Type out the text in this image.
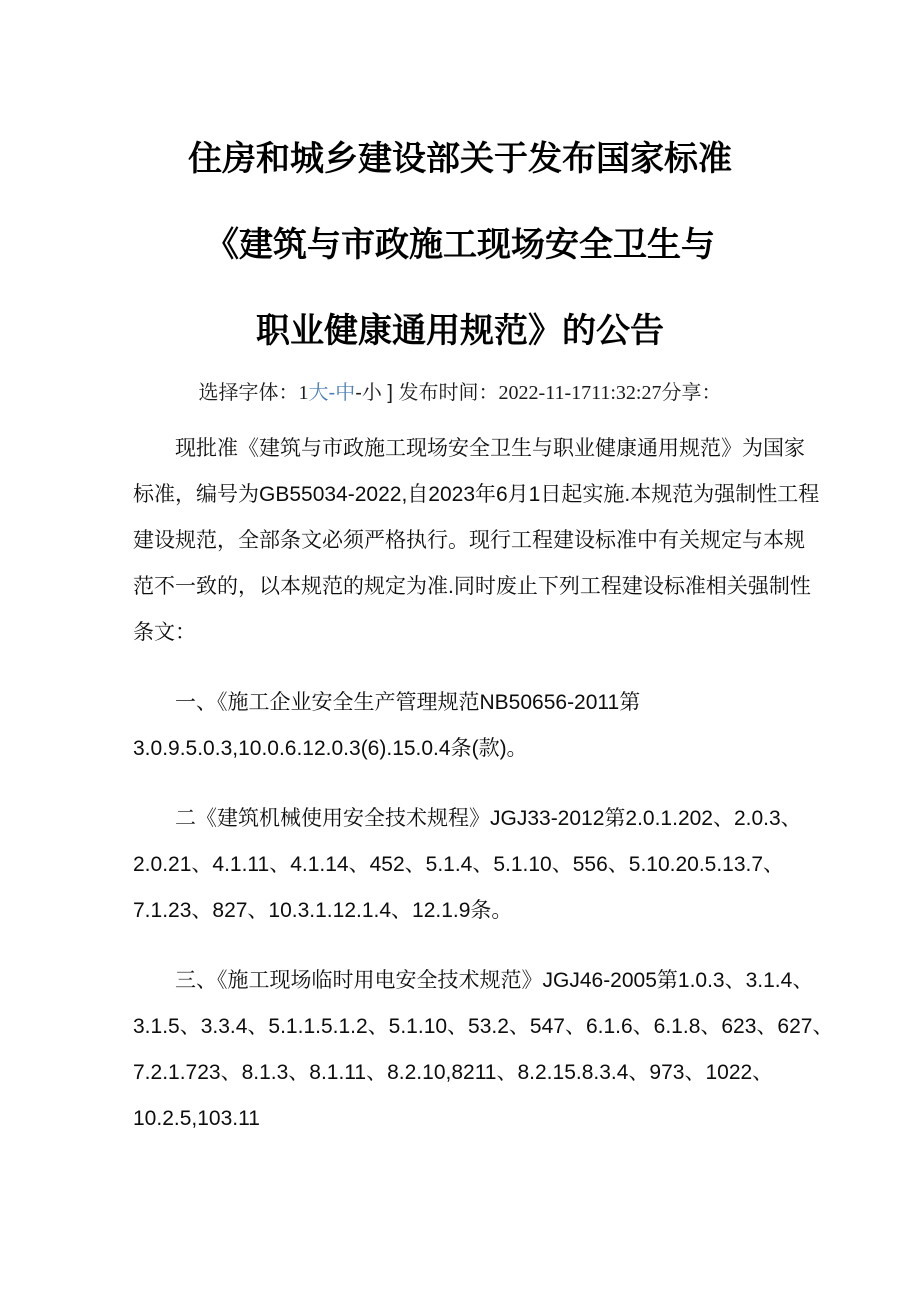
住房和城乡建设部关于发布国家标准
《建筑与市政施工现场安全卫生与
职业健康通用规范》的公告
选择字体：1大-中-小 ] 发布时间：2022-11-1711:32:27分享：
现批准《建筑与市政施工现场安全卫生与职业健康通用规范》为国家
标准，编号为GB55034-2022,自2023年6月1日起实施.本规范为强制性工程
建设规范，全部条文必须严格执行。现行工程建设标准中有关规定与本规
范不一致的，以本规范的规定为准.同时废止下列工程建设标准相关强制性
条文：
一、《施工企业安全生产管理规范NB50656-2011第
3.0.9.5.0.3,10.0.6.12.0.3(6).15.0.4条(款)。
二《建筑机械使用安全技术规程》JGJ33-2012第2.0.1.202、2.0.3、
2.0.21、4.1.11、4.1.14、452、5.1.4、5.1.10、556、5.10.20.5.13.7、
7.1.23、827、10.3.1.12.1.4、12.1.9条。
三、《施工现场临时用电安全技术规范》JGJ46-2005第1.0.3、3.1.4、
3.1.5、3.3.4、5.1.1.5.1.2、5.1.10、53.2、547、6.1.6、6.1.8、623、627、
7.2.1.723、8.1.3、8.1.11、8.2.10,8211、8.2.15.8.3.4、973、1022、
10.2.5,103.11
